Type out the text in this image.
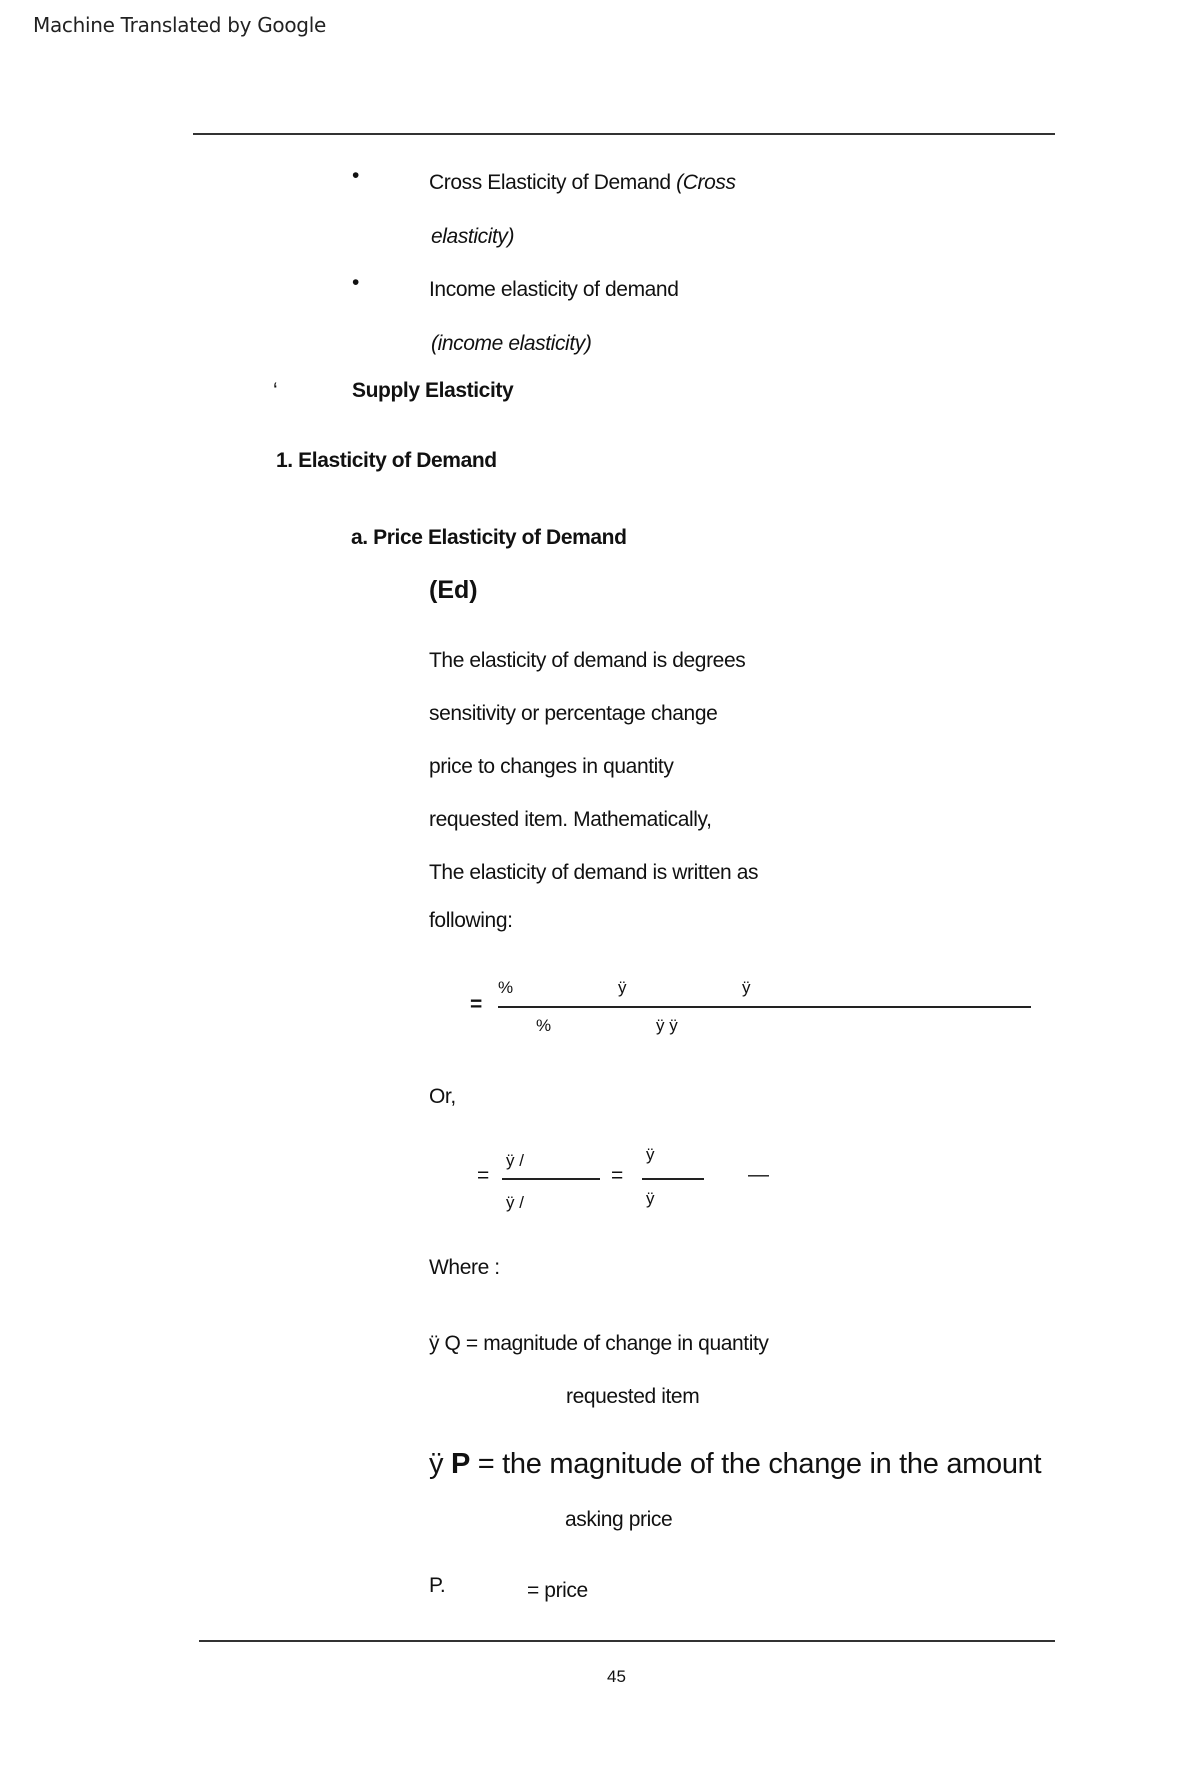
Machine Translated by Google
•	Cross Elasticity of Demand (Cross
elasticity)
•	Income elasticity of demand
(income elasticity)
‘	Supply Elasticity
1. Elasticity of Demand
a. Price Elasticity of Demand
(Ed)
The elasticity of demand is degrees
sensitivity or percentage change
price to changes in quantity
requested item. Mathematically,
The elasticity of demand is written as
following:
=
%	ÿ	ÿ
%	ÿ ÿ
Or,
=
ÿ /
ÿ /
=
ÿ
ÿ
—
Where :
ÿ Q = magnitude of change in quantity
requested item
ÿ P = the magnitude of the change in the amount
asking price
P.	= price
45
